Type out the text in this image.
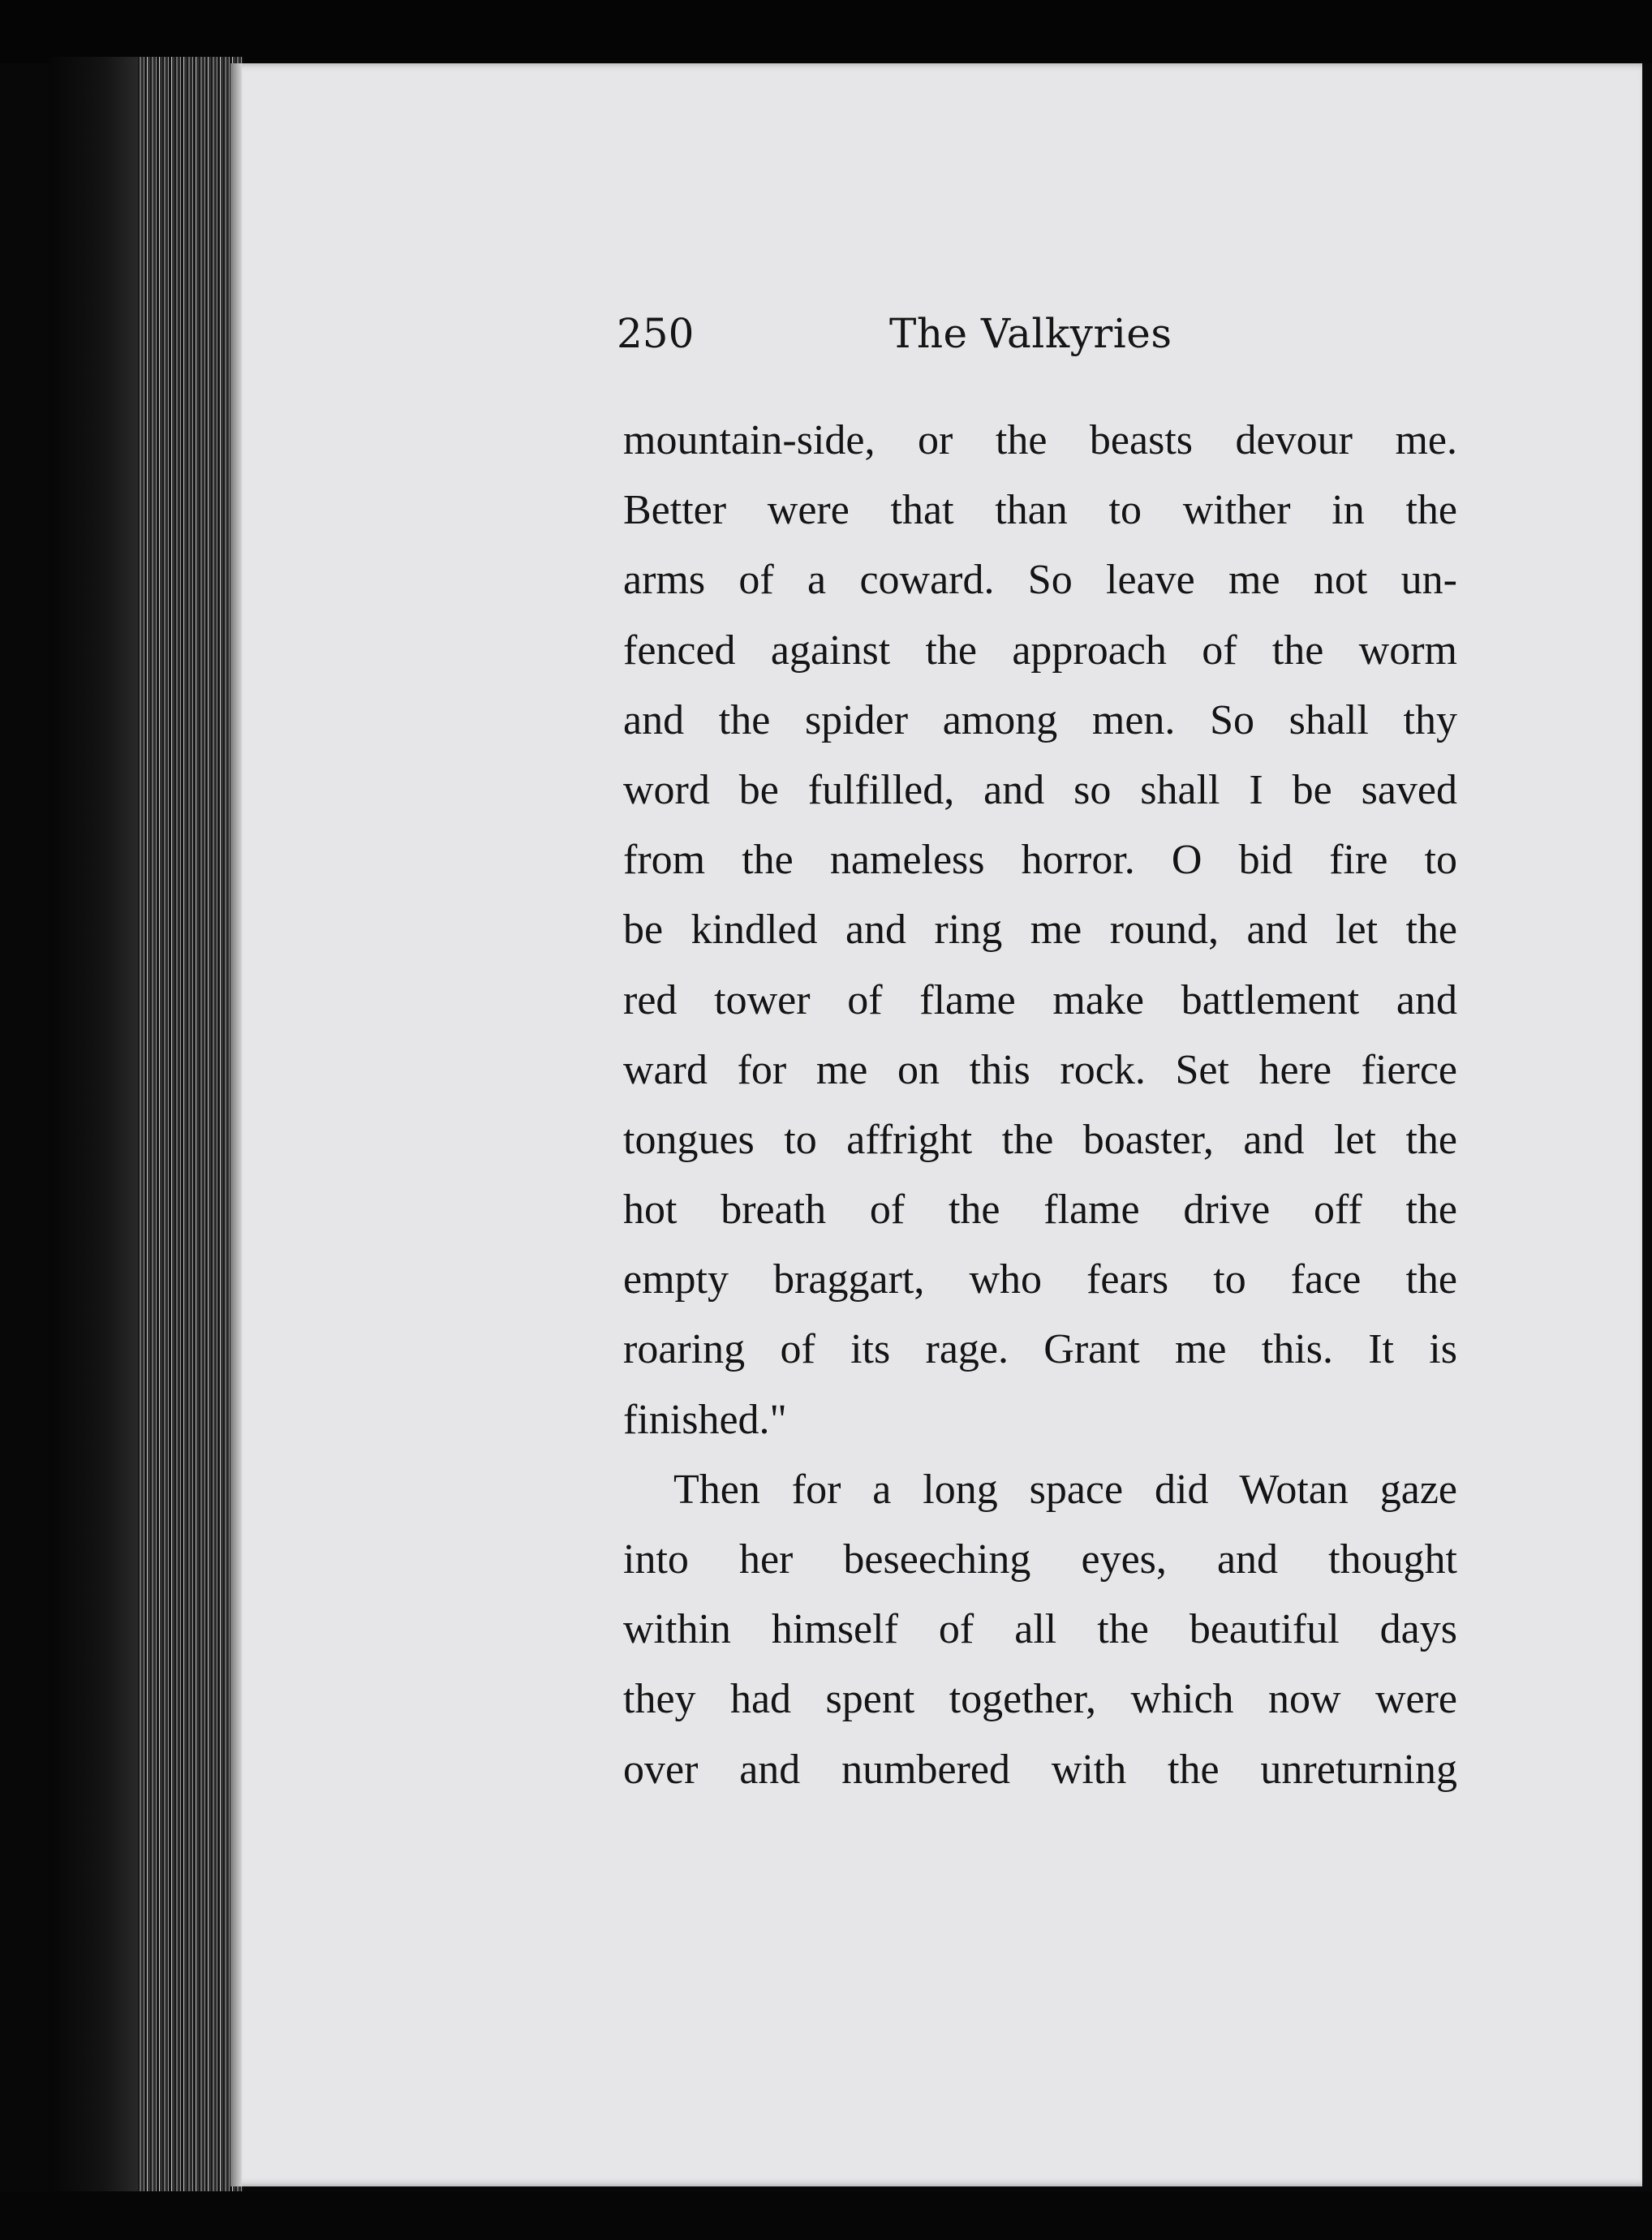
250	The Valkyries
mountain-side, or the beasts devour me.
Better were that than to wither in the
arms of a coward. So leave me not un-
fenced against the approach of the worm
and the spider among men. So shall thy
word be fulfilled, and so shall I be saved
from the nameless horror. O bid fire to
be kindled and ring me round, and let the
red tower of flame make battlement and
ward for me on this rock. Set here fierce
tongues to affright the boaster, and let the
hot breath of the flame drive off the
empty braggart, who fears to face the
roaring of its rage. Grant me this. It is
finished."
Then for a long space did Wotan gaze
into her beseeching eyes, and thought
within himself of all the beautiful days
they had spent together, which now were
over and numbered with the unreturning
